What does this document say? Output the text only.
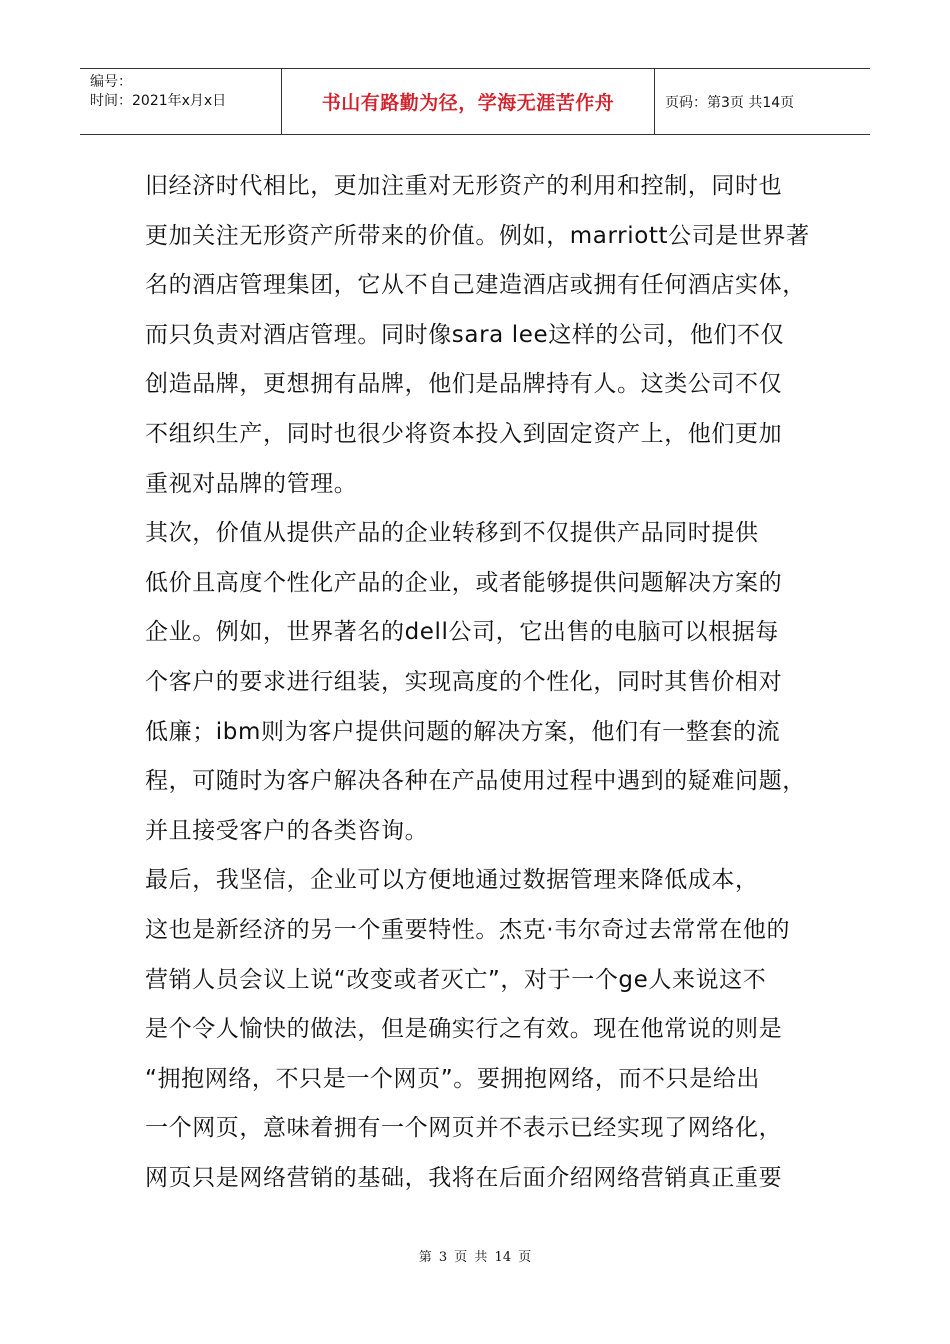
编号：
时间：2021年x月x日	书山有路勤为径，学海无涯苦作舟	页码：第3页 共14页
旧经济时代相比，更加注重对无形资产的利用和控制，同时也
更加关注无形资产所带来的价值。例如，marriott公司是世界著
名的酒店管理集团，它从不自己建造酒店或拥有任何酒店实体，
而只负责对酒店管理。同时像sara lee这样的公司，他们不仅
创造品牌，更想拥有品牌，他们是品牌持有人。这类公司不仅
不组织生产，同时也很少将资本投入到固定资产上，他们更加
重视对品牌的管理。
其次，价值从提供产品的企业转移到不仅提供产品同时提供
低价且高度个性化产品的企业，或者能够提供问题解决方案的
企业。例如，世界著名的dell公司，它出售的电脑可以根据每
个客户的要求进行组装，实现高度的个性化，同时其售价相对
低廉；ibm则为客户提供问题的解决方案，他们有一整套的流
程，可随时为客户解决各种在产品使用过程中遇到的疑难问题，
并且接受客户的各类咨询。
最后，我坚信，企业可以方便地通过数据管理来降低成本，
这也是新经济的另一个重要特性。杰克·韦尔奇过去常常在他的
营销人员会议上说“改变或者灭亡”，对于一个ge人来说这不
是个令人愉快的做法，但是确实行之有效。现在他常说的则是
“拥抱网络，不只是一个网页”。要拥抱网络，而不只是给出
一个网页，意味着拥有一个网页并不表示已经实现了网络化，
网页只是网络营销的基础，我将在后面介绍网络营销真正重要
第 3 页 共 14 页
